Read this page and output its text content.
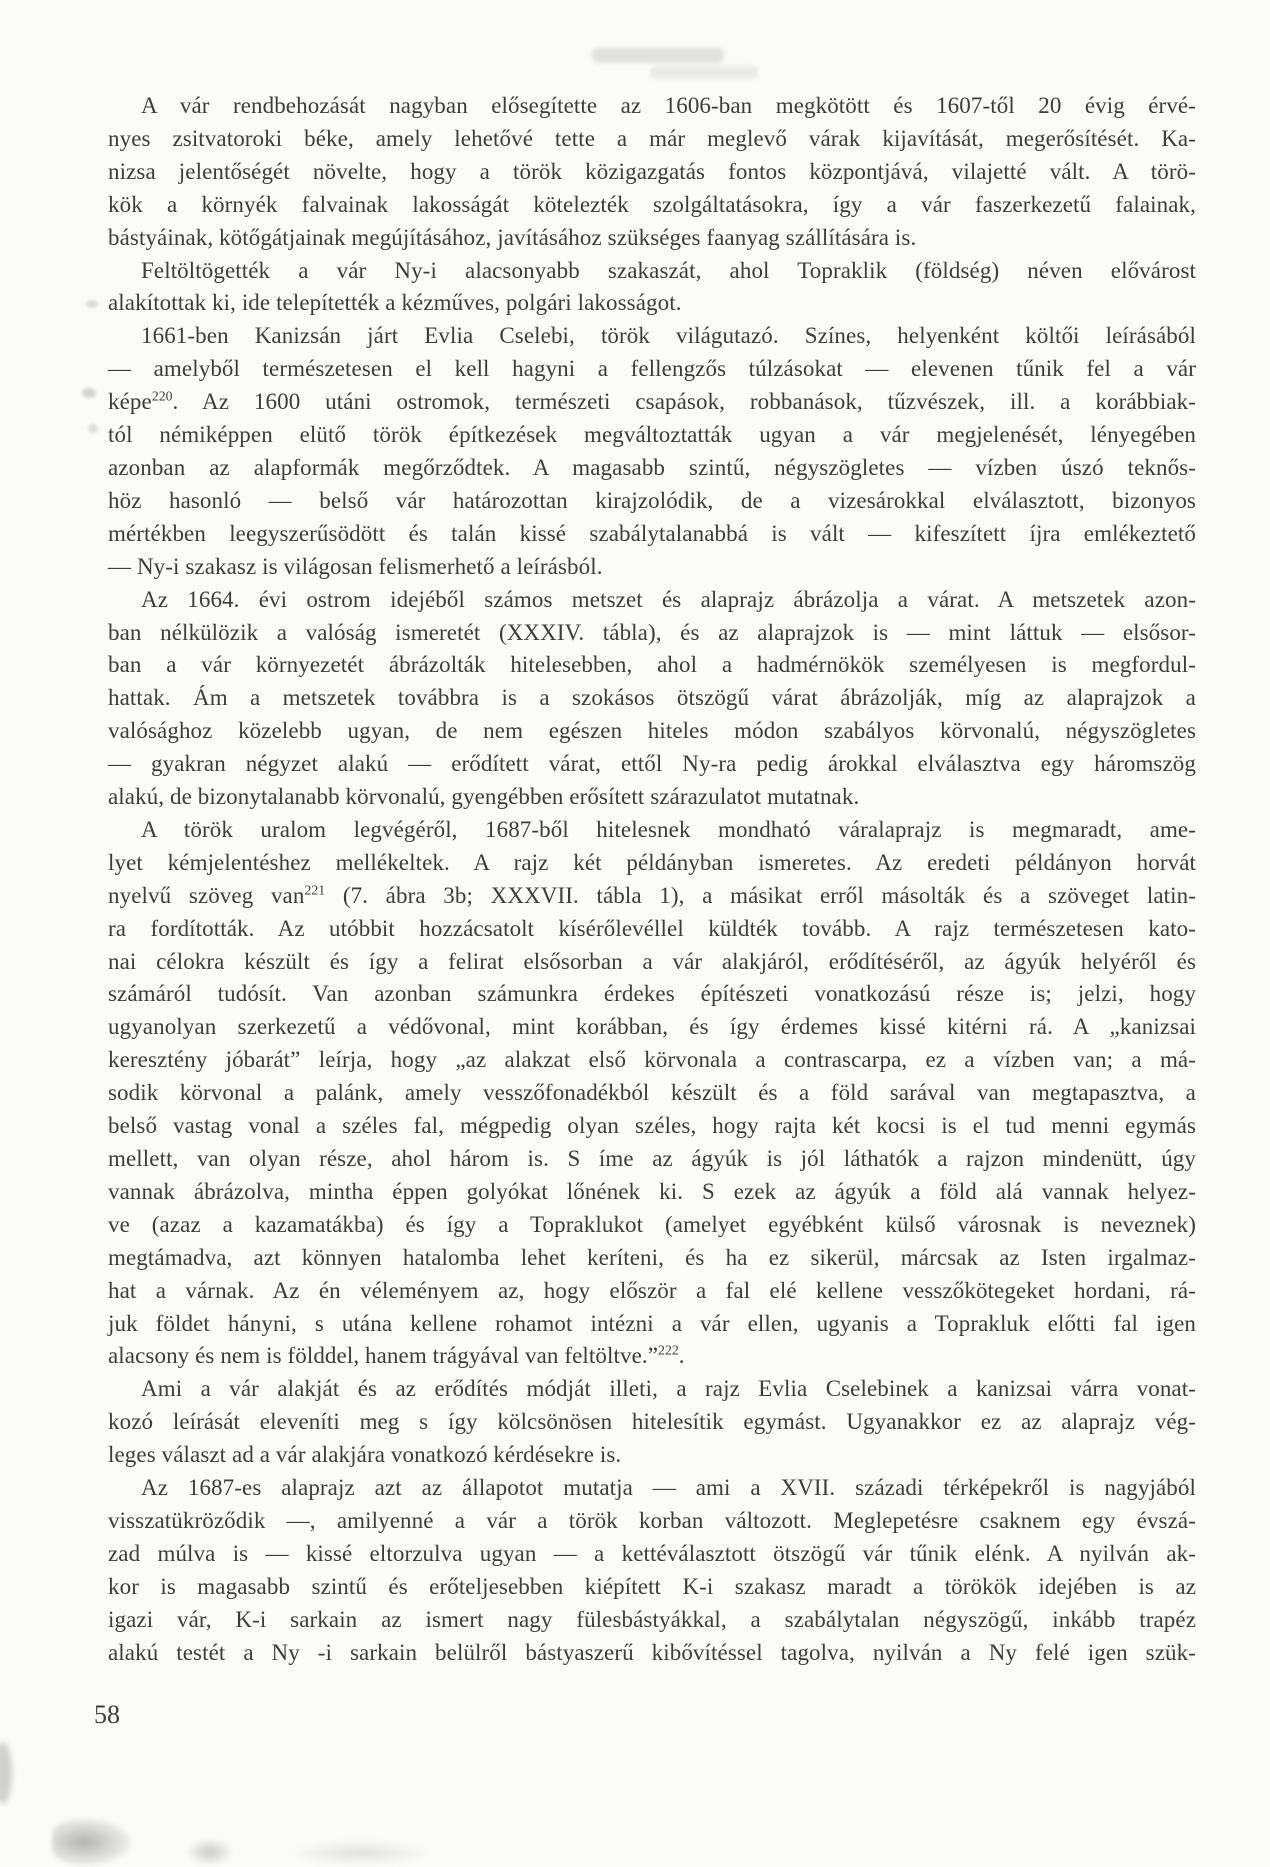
A vár rendbehozását nagyban elősegítette az 1606-ban megkötött és 1607-től 20 évig érvé-
nyes zsitvatoroki béke, amely lehetővé tette a már meglevő várak kijavítását, megerősítését. Ka-
nizsa jelentőségét növelte, hogy a török közigazgatás fontos központjává, vilajetté vált. A törö-
kök a környék falvainak lakosságát kötelezték szolgáltatásokra, így a vár faszerkezetű falainak,
bástyáinak, kötőgátjainak megújításához, javításához szükséges faanyag szállítására is.
Feltöltögették a vár Ny-i alacsonyabb szakaszát, ahol Topraklik (földség) néven elővárost
alakítottak ki, ide telepítették a kézműves, polgári lakosságot.
1661-ben Kanizsán járt Evlia Cselebi, török világutazó. Színes, helyenként költői leírásából
— amelyből természetesen el kell hagyni a fellengzős túlzásokat — elevenen tűnik fel a vár
képe$^{220}$. Az 1600 utáni ostromok, természeti csapások, robbanások, tűzvészek, ill. a korábbiak-
tól némiképpen elütő török építkezések megváltoztatták ugyan a vár megjelenését, lényegében
azonban az alapformák megőrződtek. A magasabb szintű, négyszögletes — vízben úszó teknős-
höz hasonló — belső vár határozottan kirajzolódik, de a vizesárokkal elválasztott, bizonyos
mértékben leegyszerűsödött és talán kissé szabálytalanabbá is vált — kifeszített íjra emlékeztető
— Ny-i szakasz is világosan felismerhető a leírásból.
Az 1664. évi ostrom idejéből számos metszet és alaprajz ábrázolja a várat. A metszetek azon-
ban nélkülözik a valóság ismeretét (XXXIV. tábla), és az alaprajzok is — mint láttuk — elsősor-
ban a vár környezetét ábrázolták hitelesebben, ahol a hadmérnökök személyesen is megfordul-
hattak. Ám a metszetek továbbra is a szokásos ötszögű várat ábrázolják, míg az alaprajzok a
valósághoz közelebb ugyan, de nem egészen hiteles módon szabályos körvonalú, négyszögletes
— gyakran négyzet alakú — erődített várat, ettől Ny-ra pedig árokkal elválasztva egy háromszög
alakú, de bizonytalanabb körvonalú, gyengébben erősített szárazulatot mutatnak.
A török uralom legvégéről, 1687-ből hitelesnek mondható váralaprajz is megmaradt, ame-
lyet kémjelentéshez mellékeltek. A rajz két példányban ismeretes. Az eredeti példányon horvát
nyelvű szöveg van$^{221}$ (7. ábra 3b; XXXVII. tábla 1), a másikat erről másolták és a szöveget latin-
ra fordították. Az utóbbit hozzácsatolt kísérőlevéllel küldték tovább. A rajz természetesen kato-
nai célokra készült és így a felirat elsősorban a vár alakjáról, erődítéséről, az ágyúk helyéről és
számáról tudósít. Van azonban számunkra érdekes építészeti vonatkozású része is; jelzi, hogy
ugyanolyan szerkezetű a védővonal, mint korábban, és így érdemes kissé kitérni rá. A „kanizsai
keresztény jóbarát” leírja, hogy „az alakzat első körvonala a contrascarpa, ez a vízben van; a má-
sodik körvonal a palánk, amely vesszőfonadékból készült és a föld sarával van megtapasztva, a
belső vastag vonal a széles fal, mégpedig olyan széles, hogy rajta két kocsi is el tud menni egymás
mellett, van olyan része, ahol három is. S íme az ágyúk is jól láthatók a rajzon mindenütt, úgy
vannak ábrázolva, mintha éppen golyókat lőnének ki. S ezek az ágyúk a föld alá vannak helyez-
ve (azaz a kazamatákba) és így a Topraklukot (amelyet egyébként külső városnak is neveznek)
megtámadva, azt könnyen hatalomba lehet keríteni, és ha ez sikerül, márcsak az Isten irgalmaz-
hat a várnak. Az én véleményem az, hogy először a fal elé kellene vesszőkötegeket hordani, rá-
juk földet hányni, s utána kellene rohamot intézni a vár ellen, ugyanis a Toprakluk előtti fal igen
alacsony és nem is földdel, hanem trágyával van feltöltve.”$^{222}$.
Ami a vár alakját és az erődítés módját illeti, a rajz Evlia Cselebinek a kanizsai várra vonat-
kozó leírását eleveníti meg s így kölcsönösen hitelesítik egymást. Ugyanakkor ez az alaprajz vég-
leges választ ad a vár alakjára vonatkozó kérdésekre is.
Az 1687-es alaprajz azt az állapotot mutatja — ami a XVII. századi térképekről is nagyjából
visszatükröződik —, amilyenné a vár a török korban változott. Meglepetésre csaknem egy évszá-
zad múlva is — kissé eltorzulva ugyan — a kettéválasztott ötszögű vár tűnik elénk. A nyilván ak-
kor is magasabb szintű és erőteljesebben kiépített K-i szakasz maradt a törökök idejében is az
igazi vár, K-i sarkain az ismert nagy fülesbástyákkal, a szabálytalan négyszögű, inkább trapéz
alakú testét a Ny -i sarkain belülről bástyaszerű kibővítéssel tagolva, nyilván a Ny felé igen szük-
58
